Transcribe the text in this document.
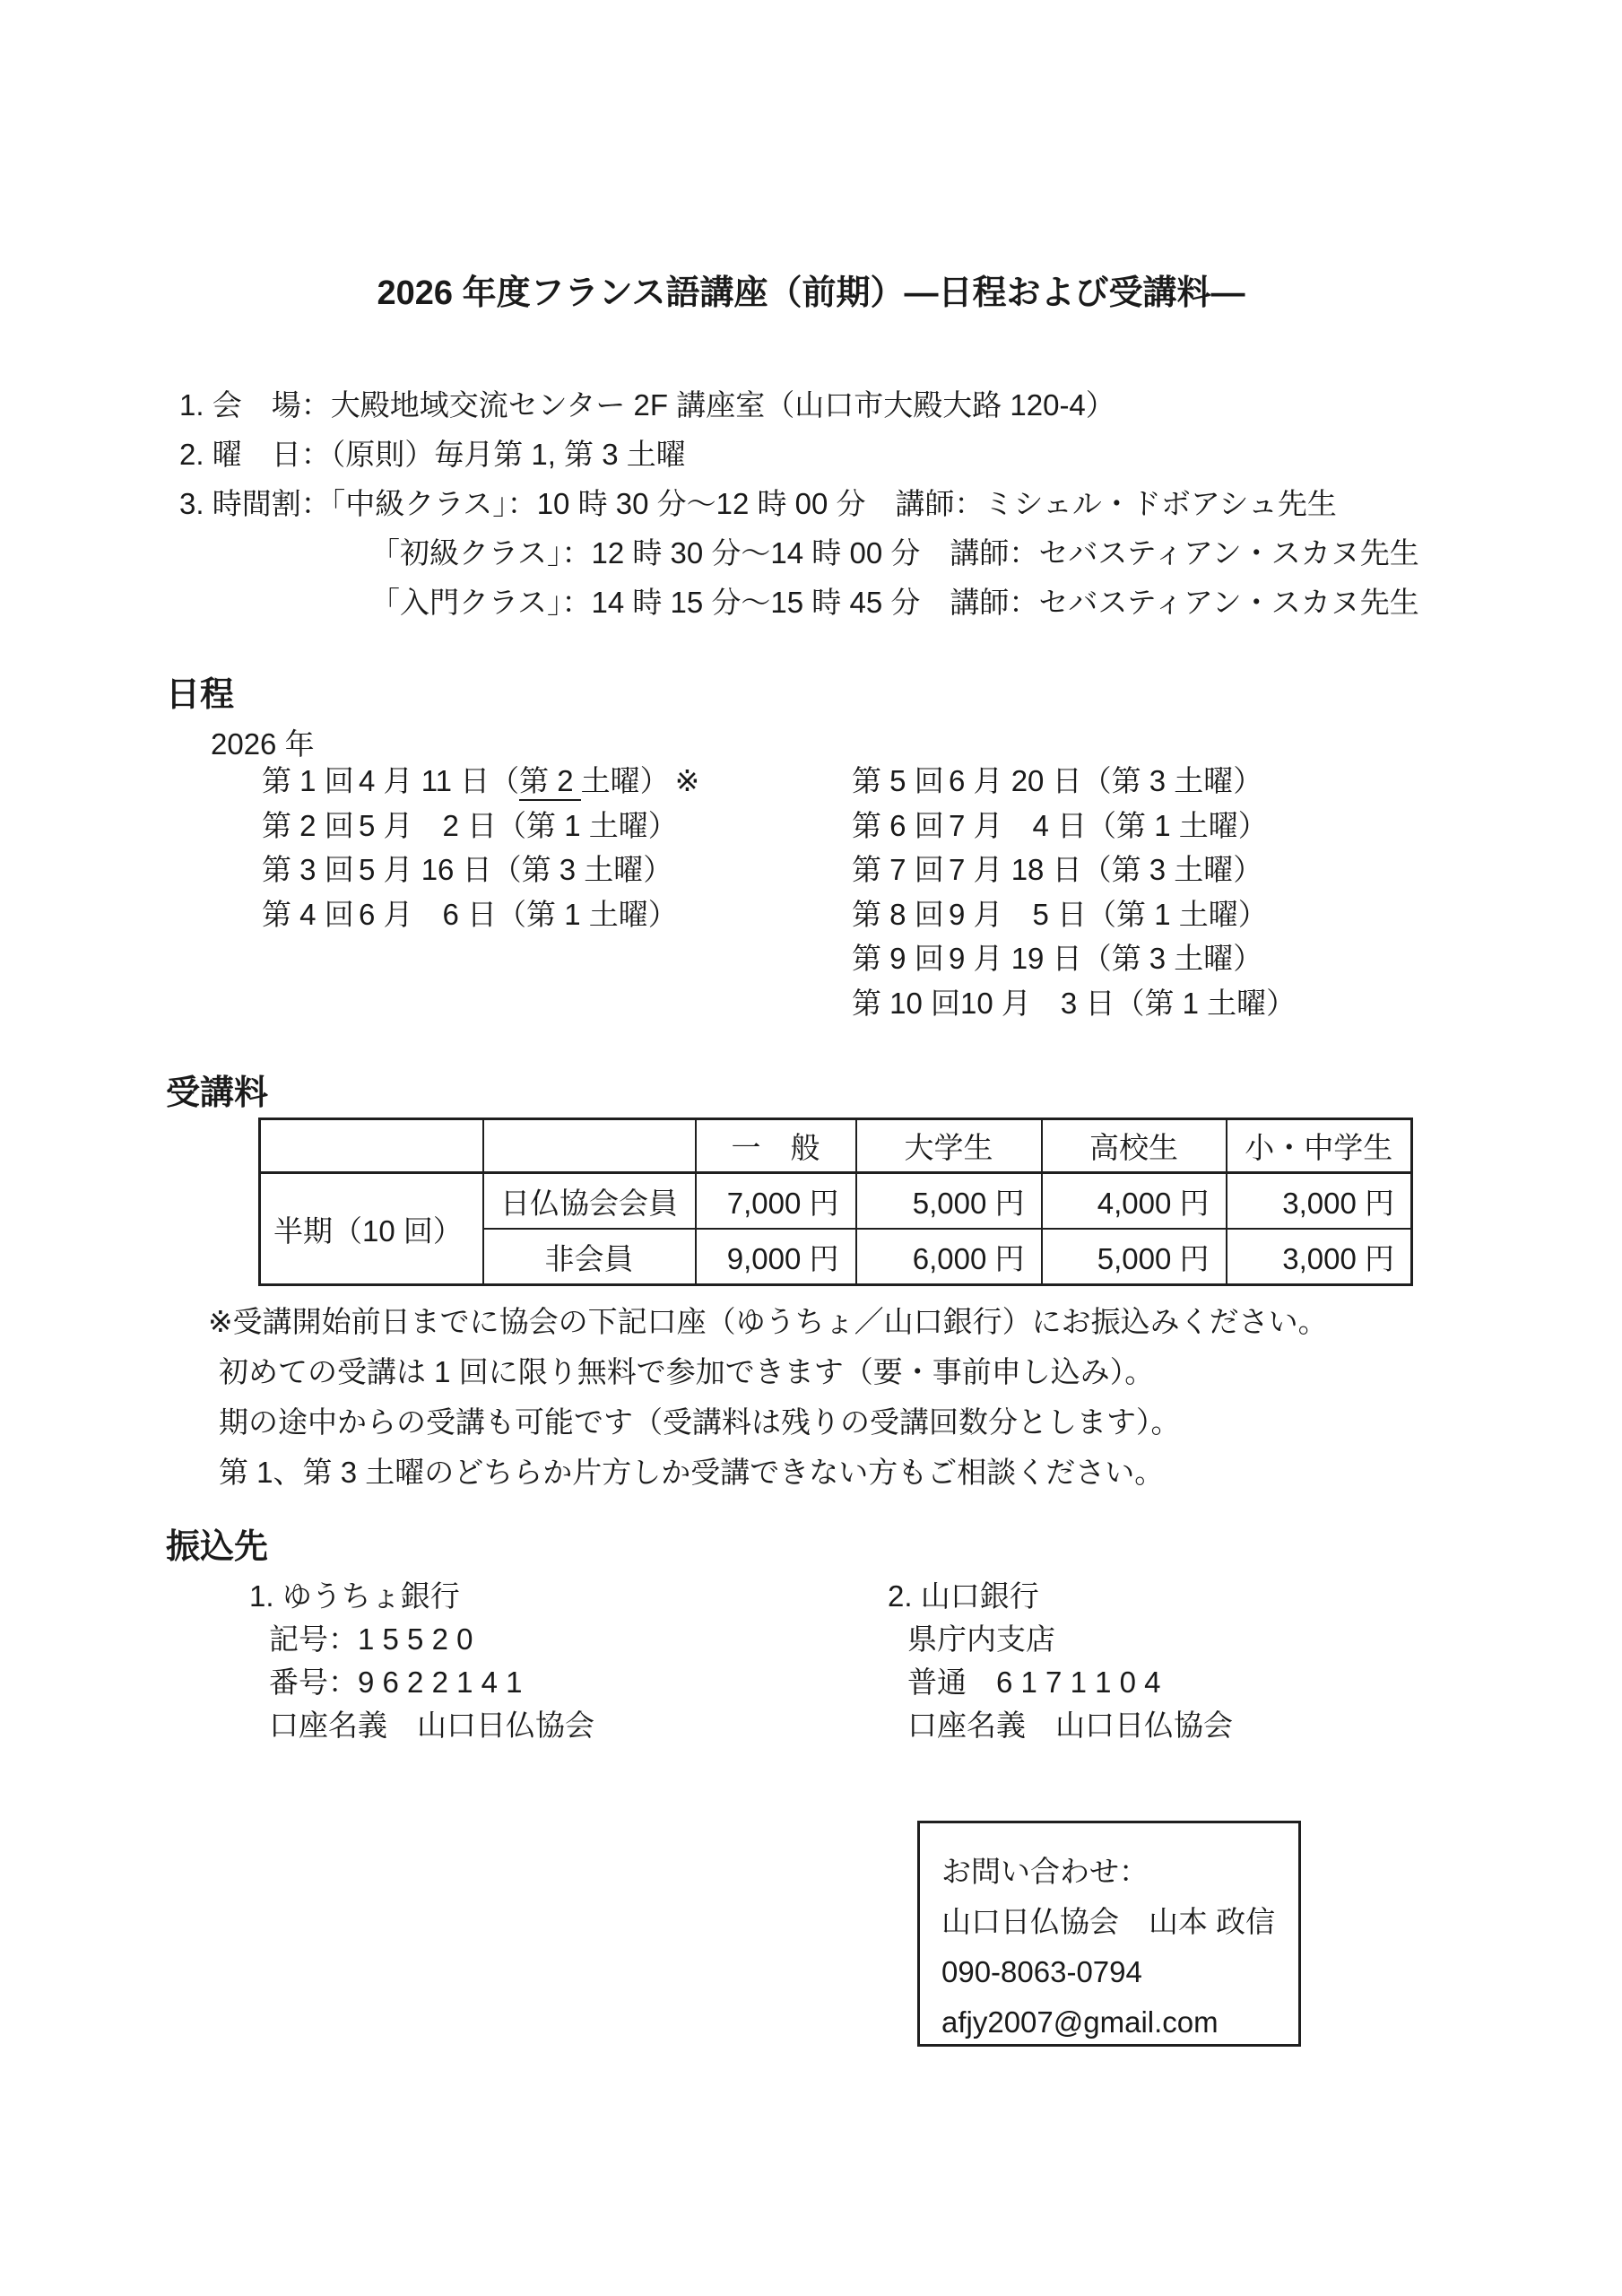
2026 年度フランス語講座（前期）―日程および受講料―
1. 会　場：大殿地域交流センター 2F 講座室（山口市大殿大路 120-4）
2. 曜　日：（原則）毎月第 1, 第 3 土曜
3. 時間割：「中級クラス」：10 時 30 分～12 時 00 分　講師：ミシェル・ドボアシュ先生
「初級クラス」：12 時 30 分～14 時 00 分　講師：セバスティアン・スカヌ先生
「入門クラス」：14 時 15 分～15 時 45 分　講師：セバスティアン・スカヌ先生
日程
2026 年
第 1 回 4 月 11 日（第 2 土曜） ※
第 2 回 5 月　2 日（第 1 土曜）
第 3 回 5 月 16 日（第 3 土曜）
第 4 回 6 月　6 日（第 1 土曜）
第 5 回 6 月 20 日（第 3 土曜）
第 6 回 7 月　4 日（第 1 土曜）
第 7 回 7 月 18 日（第 3 土曜）
第 8 回 9 月　5 日（第 1 土曜）
第 9 回 9 月 19 日（第 3 土曜）
第 10 回10 月　3 日（第 1 土曜）
受講料
		一　般	大学生	高校生	小・中学生
半期（10 回）	日仏協会会員	7,000 円	5,000 円	4,000 円	3,000 円
	非会員	9,000 円	6,000 円	5,000 円	3,000 円
※受講開始前日までに協会の下記口座（ゆうちょ／山口銀行）にお振込みください。
初めての受講は 1 回に限り無料で参加できます（要・事前申し込み）。
期の途中からの受講も可能です（受講料は残りの受講回数分とします）。
第 1、第 3 土曜のどちらか片方しか受講できない方もご相談ください。
振込先
1. ゆうちょ銀行
記号：1 5 5 2 0
番号：9 6 2 2 1 4 1
口座名義　山口日仏協会
2. 山口銀行
県庁内支店
普通　6 1 7 1 1 0 4
口座名義　山口日仏協会
お問い合わせ：
山口日仏協会　山本 政信
090-8063-0794
afjy2007@gmail.com
